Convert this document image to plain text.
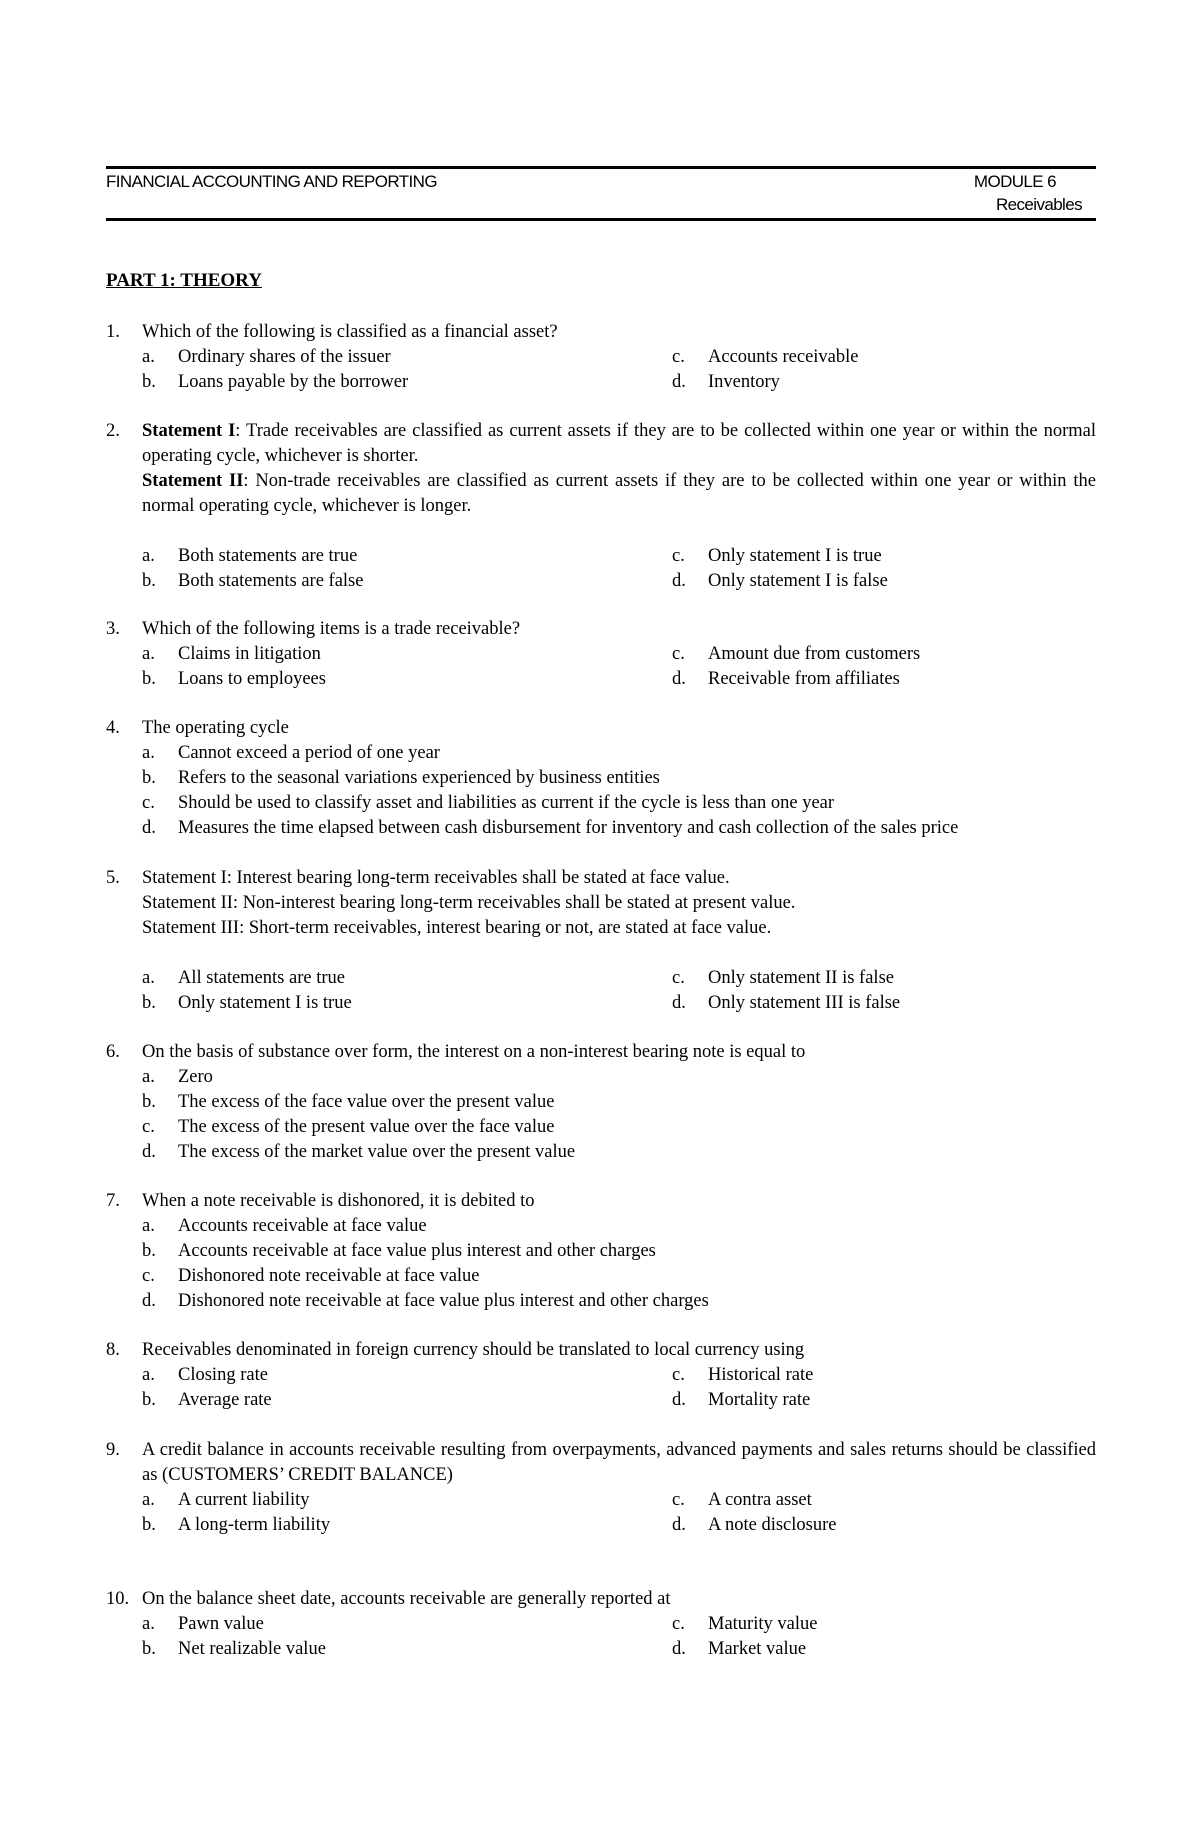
FINANCIAL ACCOUNTING AND REPORTING	MODULE 6
Receivables
PART 1: THEORY
1.	Which of the following is classified as a financial asset?
a.	Ordinary shares of the issuer	c.	Accounts receivable
b.	Loans payable by the borrower	d.	Inventory
2.	Statement I: Trade receivables are classified as current assets if they are to be collected within one year or within the normal operating cycle, whichever is shorter.
Statement II: Non-trade receivables are classified as current assets if they are to be collected within one year or within the normal operating cycle, whichever is longer.
a.	Both statements are true	c.	Only statement I is true
b.	Both statements are false	d.	Only statement I is false
3.	Which of the following items is a trade receivable?
a.	Claims in litigation	c.	Amount due from customers
b.	Loans to employees	d.	Receivable from affiliates
4.	The operating cycle
a.	Cannot exceed a period of one year
b.	Refers to the seasonal variations experienced by business entities
c.	Should be used to classify asset and liabilities as current if the cycle is less than one year
d.	Measures the time elapsed between cash disbursement for inventory and cash collection of the sales price
5.	Statement I: Interest bearing long-term receivables shall be stated at face value.
Statement II: Non-interest bearing long-term receivables shall be stated at present value.
Statement III: Short-term receivables, interest bearing or not, are stated at face value.
a.	All statements are true	c.	Only statement II is false
b.	Only statement I is true	d.	Only statement III is false
6.	On the basis of substance over form, the interest on a non-interest bearing note is equal to
a.	Zero
b.	The excess of the face value over the present value
c.	The excess of the present value over the face value
d.	The excess of the market value over the present value
7.	When a note receivable is dishonored, it is debited to
a.	Accounts receivable at face value
b.	Accounts receivable at face value plus interest and other charges
c.	Dishonored note receivable at face value
d.	Dishonored note receivable at face value plus interest and other charges
8.	Receivables denominated in foreign currency should be translated to local currency using
a.	Closing rate	c.	Historical rate
b.	Average rate	d.	Mortality rate
9.	A credit balance in accounts receivable resulting from overpayments, advanced payments and sales returns should be classified as (CUSTOMERS’ CREDIT BALANCE)
a.	A current liability	c.	A contra asset
b.	A long-term liability	d.	A note disclosure
10. On the balance sheet date, accounts receivable are generally reported at
a.	Pawn value	c.	Maturity value
b.	Net realizable value	d.	Market value
